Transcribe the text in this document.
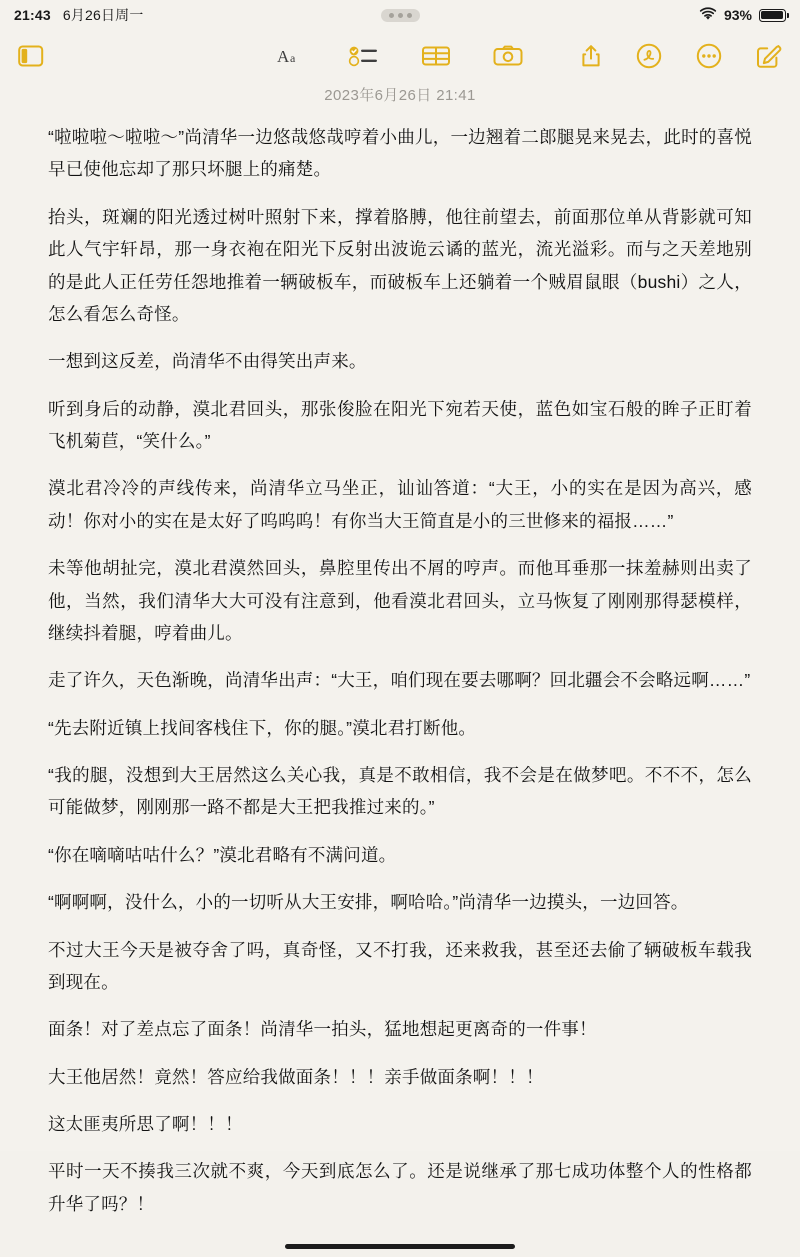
21:43 6月26日周一	93%
A a
2023年6月26日 21:41

“啦啦啦～啦啦～”尚清华一边悠哉悠哉哼着小曲儿，一边翘着二郎腿晃来晃去，此时的喜悦早已使他忘却了那只坏腿上的痛楚。

抬头，斑斓的阳光透过树叶照射下来，撑着胳膊，他往前望去，前面那位单从背影就可知此人气宇轩昂，那一身衣袍在阳光下反射出波诡云谲的蓝光，流光溢彩。而与之天差地别的是此人正任劳任怨地推着一辆破板车，而破板车上还躺着一个贼眉鼠眼（bushi）之人，怎么看怎么奇怪。

一想到这反差，尚清华不由得笑出声来。

听到身后的动静，漠北君回头，那张俊脸在阳光下宛若天使，蓝色如宝石般的眸子正盯着飞机菊苣，“笑什么。”

漠北君冷冷的声线传来，尚清华立马坐正，讪讪答道：“大王，小的实在是因为高兴，感动！你对小的实在是太好了呜呜呜！有你当大王简直是小的三世修来的福报……”

未等他胡扯完，漠北君漠然回头，鼻腔里传出不屑的哼声。而他耳垂那一抹羞赫则出卖了他，当然，我们清华大大可没有注意到，他看漠北君回头，立马恢复了刚刚那得瑟模样，继续抖着腿，哼着曲儿。

走了许久，天色渐晚，尚清华出声：“大王，咱们现在要去哪啊？回北疆会不会略远啊……”

“先去附近镇上找间客栈住下，你的腿。”漠北君打断他。

“我的腿，没想到大王居然这么关心我，真是不敢相信，我不会是在做梦吧。不不不，怎么可能做梦，刚刚那一路不都是大王把我推过来的。”

“你在嘀嘀咕咕什么？”漠北君略有不满问道。

“啊啊啊，没什么，小的一切听从大王安排，啊哈哈。”尚清华一边摸头，一边回答。

不过大王今天是被夺舍了吗，真奇怪，又不打我，还来救我，甚至还去偷了辆破板车载我到现在。

面条！对了差点忘了面条！尚清华一拍头，猛地想起更离奇的一件事！

大王他居然！竟然！答应给我做面条！！！亲手做面条啊！！！

这太匪夷所思了啊！！！

平时一天不揍我三次就不爽，今天到底怎么了。还是说继承了那七成功体整个人的性格都升华了吗？！
